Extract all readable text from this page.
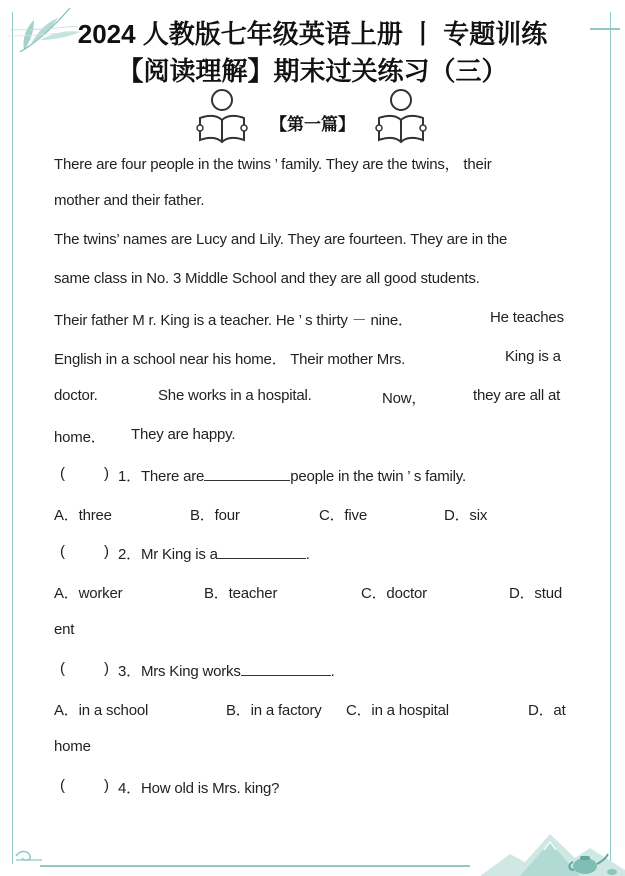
2024 人教版七年级英语上册 丨 专题训练
【阅读理解】期末过关练习（三）
【第一篇】
There are four people in the twins ’ family. They are the twins， their
mother and their father.
The twins’ names are Lucy and Lily. They are fourteen. They are in the
same class in No. 3 Middle School and they are all good students.
Their father M r. King is a teacher. He ’ s thirty － nine．	He teaches
English in a school near his home． Their mother Mrs.	King is a
doctor.	She works in a hospital.	Now，	they are all at
home． They are happy.
(	) 1．There are	people in the twin ’ s family.
A．three	B．four	C．five	D．six
(	) 2．Mr King is a	.
A．worker	B．teacher	C．doctor	D．stud
ent
(	) 3．Mrs King works	.
A．in a school	B．in a factory C．in a hospital	D．at
home
(	) 4．How old is Mrs. king?
